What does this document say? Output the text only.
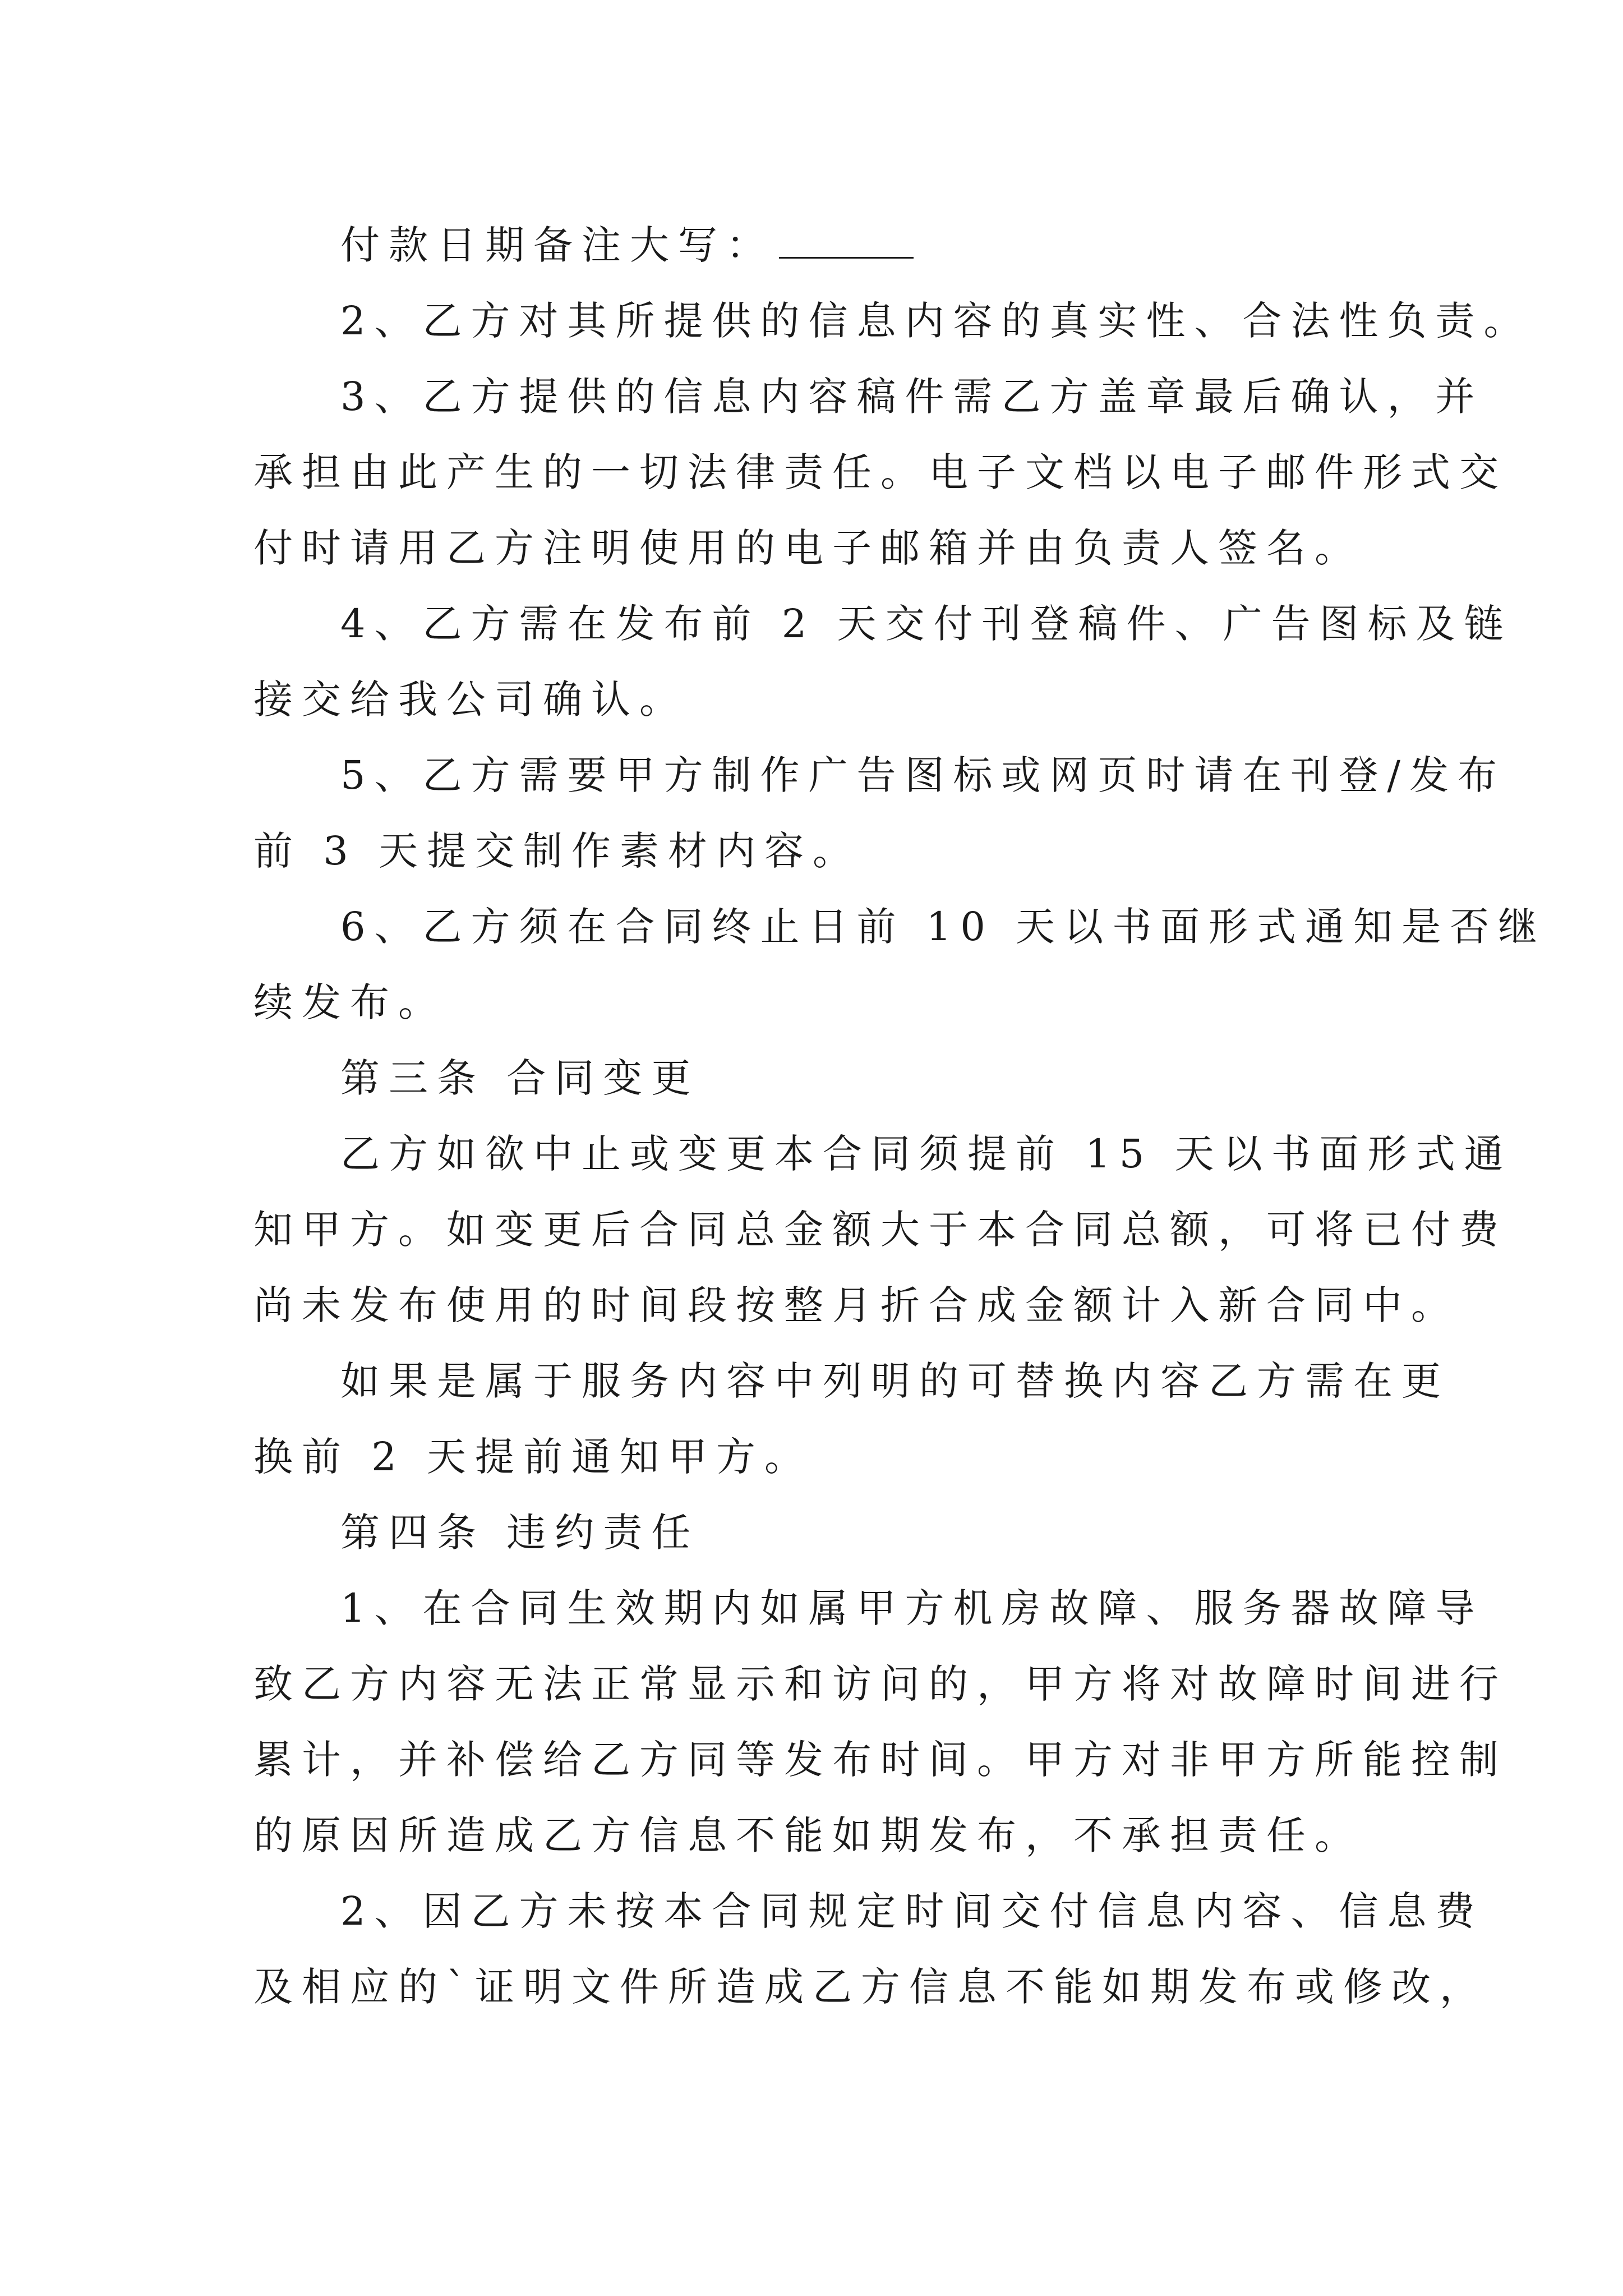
付款日期备注大写：
2、乙方对其所提供的信息内容的真实性、合法性负责。
3、乙方提供的信息内容稿件需乙方盖章最后确认，并
承担由此产生的一切法律责任。电子文档以电子邮件形式交
付时请用乙方注明使用的电子邮箱并由负责人签名。
4、乙方需在发布前 2 天交付刊登稿件、广告图标及链
接交给我公司确认。
5、乙方需要甲方制作广告图标或网页时请在刊登/发布
前 3 天提交制作素材内容。
6、乙方须在合同终止日前 10 天以书面形式通知是否继
续发布。
第三条 合同变更
乙方如欲中止或变更本合同须提前 15 天以书面形式通
知甲方。如变更后合同总金额大于本合同总额，可将已付费
尚未发布使用的时间段按整月折合成金额计入新合同中。
如果是属于服务内容中列明的可替换内容乙方需在更
换前 2 天提前通知甲方。
第四条 违约责任
1、在合同生效期内如属甲方机房故障、服务器故障导
致乙方内容无法正常显示和访问的，甲方将对故障时间进行
累计，并补偿给乙方同等发布时间。甲方对非甲方所能控制
的原因所造成乙方信息不能如期发布，不承担责任。
2、因乙方未按本合同规定时间交付信息内容、信息费
及相应的`证明文件所造成乙方信息不能如期发布或修改，
